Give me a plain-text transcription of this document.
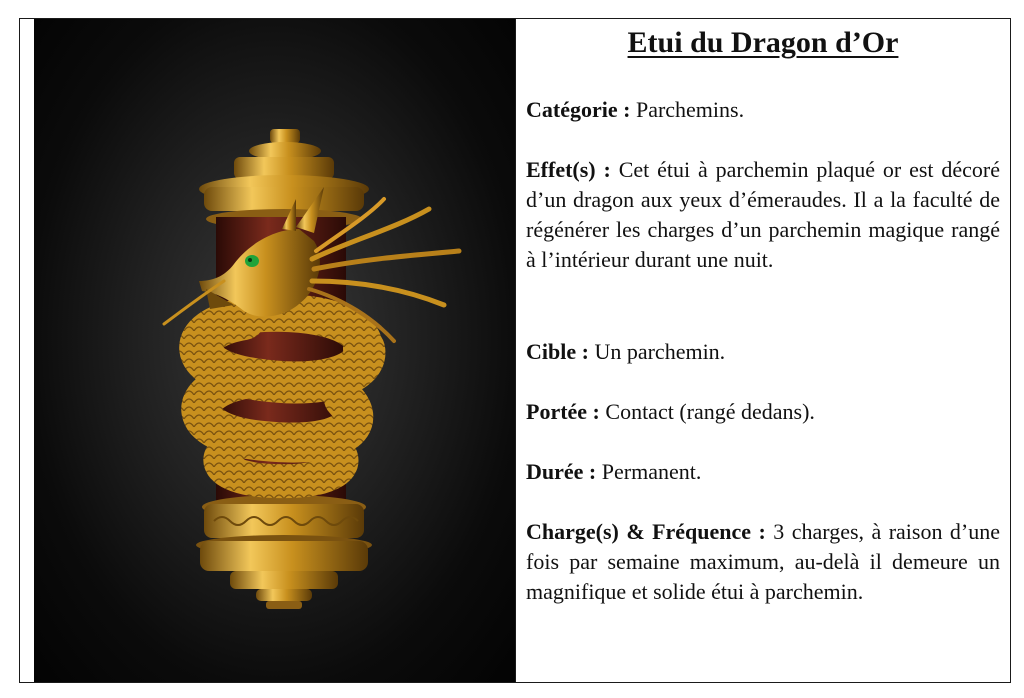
Etui du Dragon d’Or

Catégorie : Parchemins.

Effet(s) : Cet étui à parchemin plaqué or est décoré d’un dragon aux yeux d’émeraudes. Il a la faculté de régénérer les charges d’un parchemin magique rangé à l’intérieur durant une nuit.

Cible : Un parchemin.

Portée : Contact (rangé dedans).

Durée : Permanent.

Charge(s) & Fréquence : 3 charges, à raison d’une fois par semaine maximum, au-delà il demeure un magnifique et solide étui à parchemin.
